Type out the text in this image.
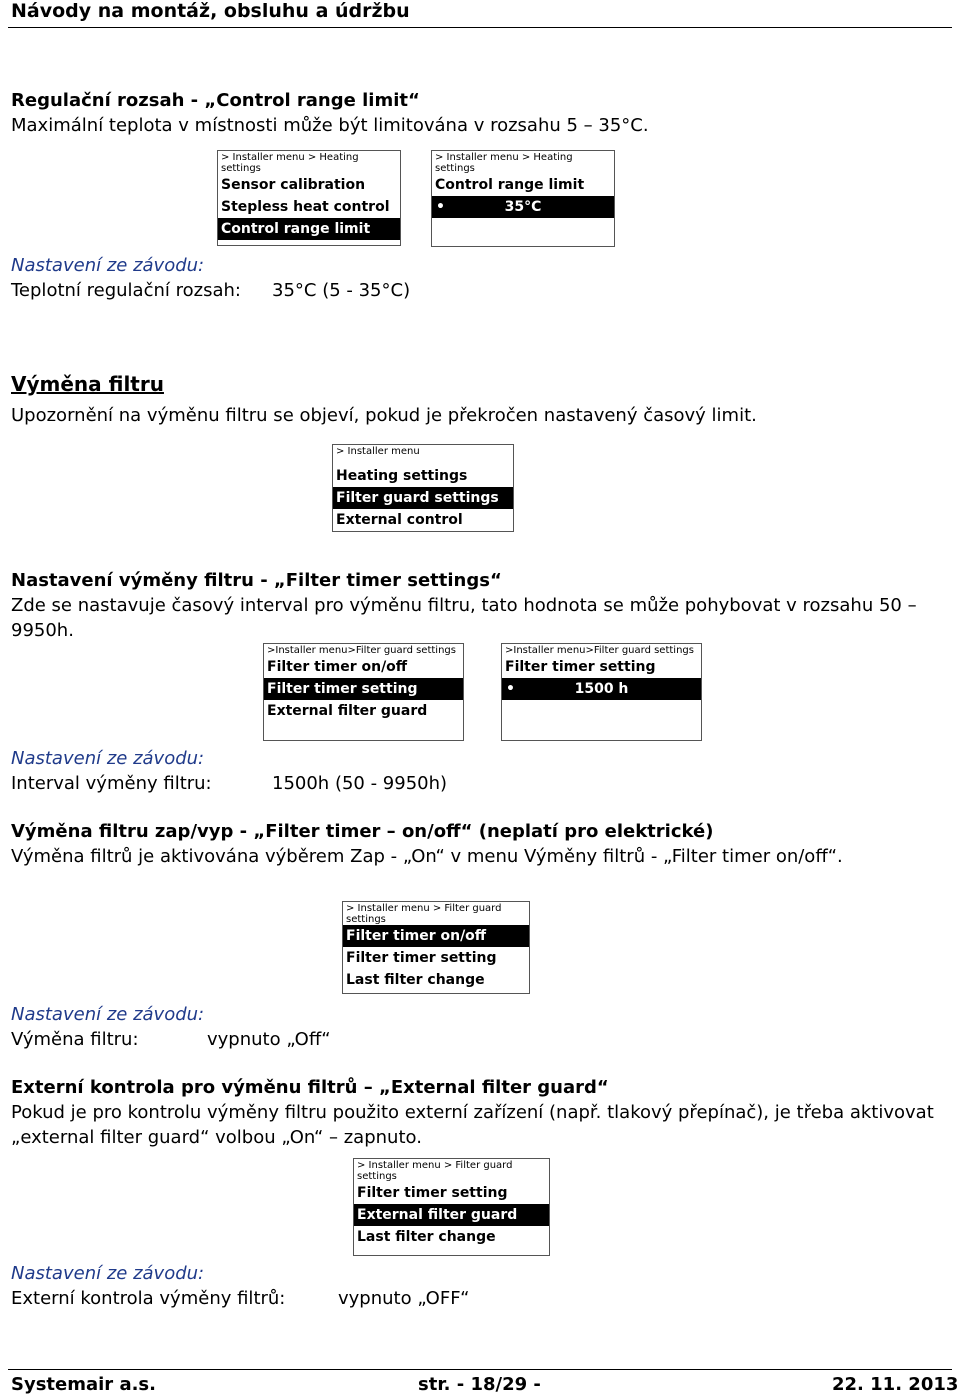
Návody na montáž, obsluhu a údržbu
Regulační rozsah - „Control range limit“
Maximální teplota v místnosti může být limitována v rozsahu 5 – 35°C.
> Installer menu > Heating settings
Sensor calibration
Stepless heat control
Control range limit
> Installer menu > Heating settings
Control range limit
•	35°C
Nastavení ze závodu:
Teplotní regulační rozsah: 35°C (5 - 35°C)
Výměna filtru
Upozornění na výměnu filtru se objeví, pokud je překročen nastavený časový limit.
> Installer menu
Heating settings
Filter guard settings
External control
Nastavení výměny filtru - „Filter timer settings“
Zde se nastavuje časový interval pro výměnu filtru, tato hodnota se může pohybovat v rozsahu 50 –
9950h.
>Installer menu>Filter guard settings
Filter timer on/off
Filter timer setting
External filter guard
>Installer menu>Filter guard settings
Filter timer setting
•	1500 h
Nastavení ze závodu:
Interval výměny filtru:	1500h (50 - 9950h)
Výměna filtru zap/vyp - „Filter timer – on/off“ (neplatí pro elektrické)
Výměna filtrů je aktivována výběrem Zap - „On“ v menu Výměny filtrů - „Filter timer on/off“.
> Installer menu > Filter guard settings
Filter timer on/off
Filter timer setting
Last filter change
Nastavení ze závodu:
Výměna filtru:	vypnuto „Off“
Externí kontrola pro výměnu filtrů – „External filter guard“
Pokud je pro kontrolu výměny filtru použito externí zařízení (např. tlakový přepínač), je třeba aktivovat
„external filter guard“ volbou „On“ – zapnuto.
> Installer menu > Filter guard settings
Filter timer setting
External filter guard
Last filter change
Nastavení ze závodu:
Externí kontrola výměny filtrů:	vypnuto „OFF“
Systemair a.s.	str. - 18/29 -	22. 11. 2013
